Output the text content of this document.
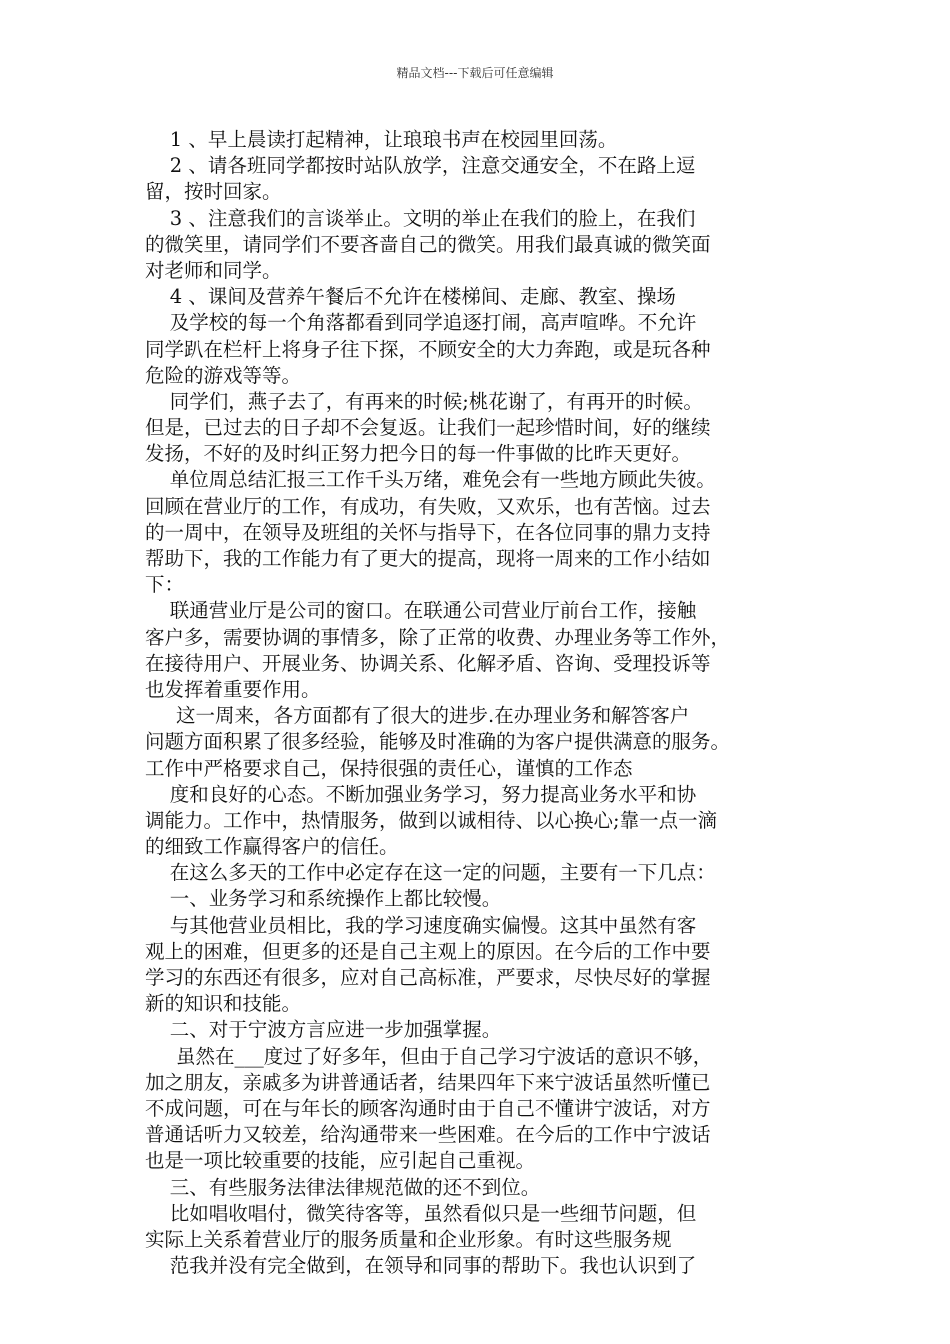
精品文档---下载后可任意编辑
1 、早上晨读打起精神，让琅琅书声在校园里回荡。
2 、请各班同学都按时站队放学，注意交通安全，不在路上逗
留，按时回家。
3 、注意我们的言谈举止。文明的举止在我们的脸上，在我们
的微笑里，请同学们不要吝啬自己的微笑。用我们最真诚的微笑面
对老师和同学。
4 、课间及营养午餐后不允许在楼梯间、走廊、教室、操场
及学校的每一个角落都看到同学追逐打闹，高声喧哗。不允许
同学趴在栏杆上将身子往下探，不顾安全的大力奔跑，或是玩各种
危险的游戏等等。
同学们，燕子去了，有再来的时候;桃花谢了，有再开的时候。
但是，已过去的日子却不会复返。让我们一起珍惜时间，好的继续
发扬，不好的及时纠正努力把今日的每一件事做的比昨天更好。
单位周总结汇报三工作千头万绪，难免会有一些地方顾此失彼。
回顾在营业厅的工作，有成功，有失败，又欢乐，也有苦恼。过去
的一周中，在领导及班组的关怀与指导下，在各位同事的鼎力支持
帮助下，我的工作能力有了更大的提高，现将一周来的工作小结如
下：
联通营业厅是公司的窗口。在联通公司营业厅前台工作，接触
客户多，需要协调的事情多，除了正常的收费、办理业务等工作外，
在接待用户、开展业务、协调关系、化解矛盾、咨询、受理投诉等
也发挥着重要作用。
这一周来，各方面都有了很大的进步.在办理业务和解答客户
问题方面积累了很多经验，能够及时准确的为客户提供满意的服务。
工作中严格要求自己，保持很强的责任心，谨慎的工作态
度和良好的心态。不断加强业务学习，努力提高业务水平和协
调能力。工作中，热情服务，做到以诚相待、以心换心;靠一点一滴
的细致工作赢得客户的信任。
在这么多天的工作中必定存在这一定的问题，主要有一下几点：
一、业务学习和系统操作上都比较慢。
与其他营业员相比，我的学习速度确实偏慢。这其中虽然有客
观上的困难，但更多的还是自己主观上的原因。在今后的工作中要
学习的东西还有很多，应对自己高标准，严要求，尽快尽好的掌握
新的知识和技能。
二、对于宁波方言应进一步加强掌握。
虽然在___度过了好多年，但由于自己学习宁波话的意识不够，
加之朋友，亲戚多为讲普通话者，结果四年下来宁波话虽然听懂已
不成问题，可在与年长的顾客沟通时由于自己不懂讲宁波话，对方
普通话听力又较差，给沟通带来一些困难。在今后的工作中宁波话
也是一项比较重要的技能，应引起自己重视。
三、有些服务法律法律规范做的还不到位。
比如唱收唱付，微笑待客等，虽然看似只是一些细节问题，但
实际上关系着营业厅的服务质量和企业形象。有时这些服务规
范我并没有完全做到，在领导和同事的帮助下。我也认识到了
